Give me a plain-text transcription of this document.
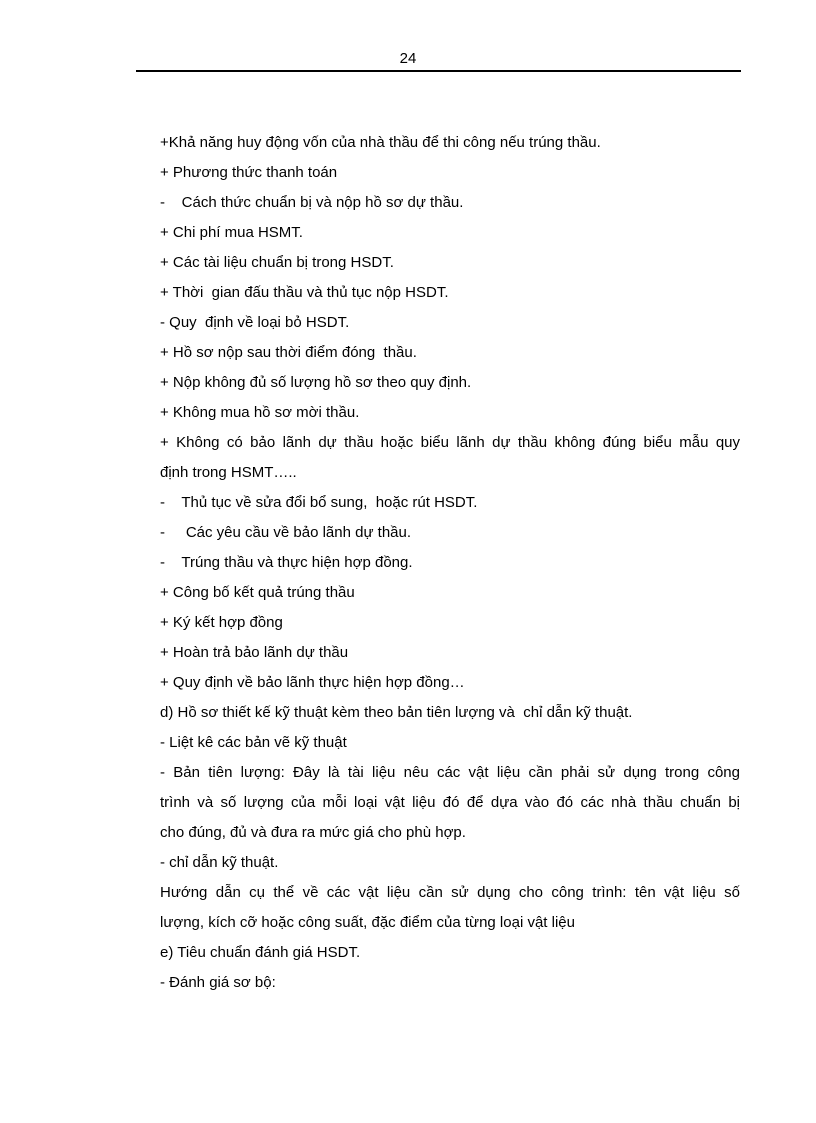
24
+Khả năng huy động vốn của nhà thầu để thi công nếu trúng thầu.
+ Phương thức thanh toán
-    Cách thức chuẩn bị và nộp hồ sơ dự thầu.
+ Chi phí mua HSMT.
+ Các tài liệu chuẩn bị trong HSDT.
+ Thời  gian đấu thầu và thủ tục nộp HSDT.
- Quy  định về loại bỏ HSDT.
+ Hồ sơ nộp sau thời điểm đóng  thầu.
+ Nộp không đủ số lượng hồ sơ theo quy định.
+ Không mua hồ sơ mời thầu.
+ Không có bảo lãnh dự thầu hoặc biểu lãnh dự thầu không đúng biểu mẫu quy
định trong HSMT…..
-    Thủ tục về sửa đổi bổ sung,  hoặc rút HSDT.
-     Các yêu cầu về bảo lãnh dự thầu.
-    Trúng thầu và thực hiện hợp đồng.
+ Công bố kết quả trúng thầu
+ Ký kết hợp đồng
+ Hoàn trả bảo lãnh dự thầu
+ Quy định về bảo lãnh thực hiện hợp đồng…
d) Hồ sơ thiết kế kỹ thuật kèm theo bản tiên lượng và  chỉ dẫn kỹ thuật.
- Liệt kê các bản vẽ kỹ thuật
- Bản tiên lượng: Đây là tài liệu nêu các vật liệu cần phải sử dụng trong công
trình và số lượng của mỗi loại vật liệu đó để dựa vào đó các nhà thầu chuẩn bị
cho đúng, đủ và đưa ra mức giá cho phù hợp.
- chỉ dẫn kỹ thuật.
Hướng dẫn cụ thể về các vật liệu cần sử dụng cho công trình: tên vật liệu số
lượng, kích cỡ hoặc công suất, đặc điểm của từng loại vật liệu
e) Tiêu chuẩn đánh giá HSDT.
- Đánh giá sơ bộ:
